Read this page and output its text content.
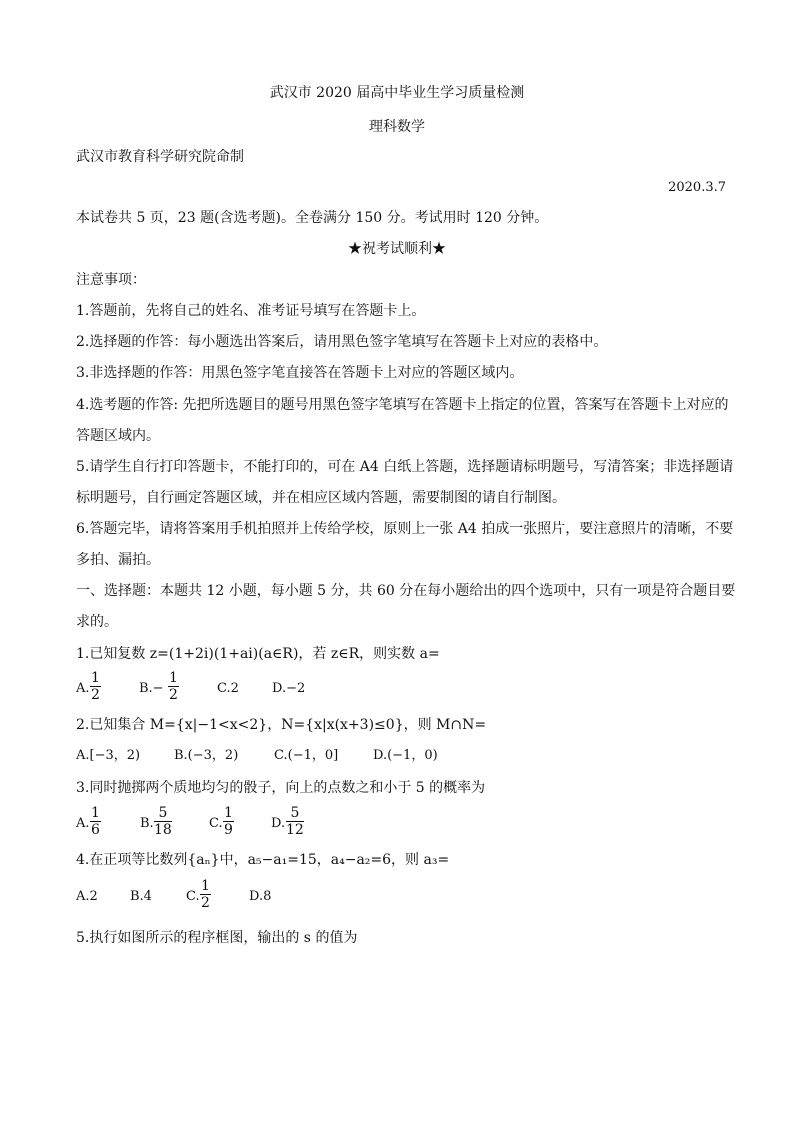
武汉市 2020 届高中毕业生学习质量检测
理科数学
武汉市教育科学研究院命制
2020.3.7
本试卷共 5 页，23 题(含选考题)。全卷满分 150 分。考试用时 120 分钟。
★祝考试顺利★
注意事项：
1.答题前，先将自己的姓名、准考证号填写在答题卡上。
2.选择题的作答：每小题选出答案后，请用黑色签字笔填写在答题卡上对应的表格中。
3.非选择题的作答：用黑色签字笔直接答在答题卡上对应的答题区域内。
4.选考题的作答: 先把所选题目的题号用黑色签字笔填写在答题卡上指定的位置，答案写在答题卡上对应的
答题区域内。
5.请学生自行打印答题卡，不能打印的，可在 A4 白纸上答题，选择题请标明题号，写清答案；非选择题请
标明题号，自行画定答题区域，并在相应区域内答题，需要制图的请自行制图。
6.答题完毕，请将答案用手机拍照并上传给学校，原则上一张 A4 拍成一张照片，要注意照片的清晰，不要
多拍、漏拍。
一、选择题：本题共 12 小题，每小题 5 分，共 60 分在每小题给出的四个选项中，只有一项是符合题目要
求的。
1.已知复数 z=(1+2i)(1+ai)(a∈R)，若 z∈R，则实数 a=
A. $\frac{1}{2}$	$B.- \frac{1}{2}$	C.2	D.−2
2.已知集合 M={x|−1<x<2}，N={x|x(x+3)≤0}，则 M∩N=
A.[−3，2)	B.(−3，2)	C.(−1，0]	D.(−1，0)
3.同时抛掷两个质地均匀的骰子，向上的点数之和小于 5 的概率为
A. $\frac{1}{6}$	B. $\frac{5}{18}$	C. $\frac{1}{9}$	D. $\frac{5}{12}$
4.在正项等比数列{aₙ}中，a₅−a₁=15，a₄−a₂=6，则 a₃=
A.2 B.4	C. $\frac{1}{2}$	D.8
5.执行如图所示的程序框图，输出的 s 的值为
